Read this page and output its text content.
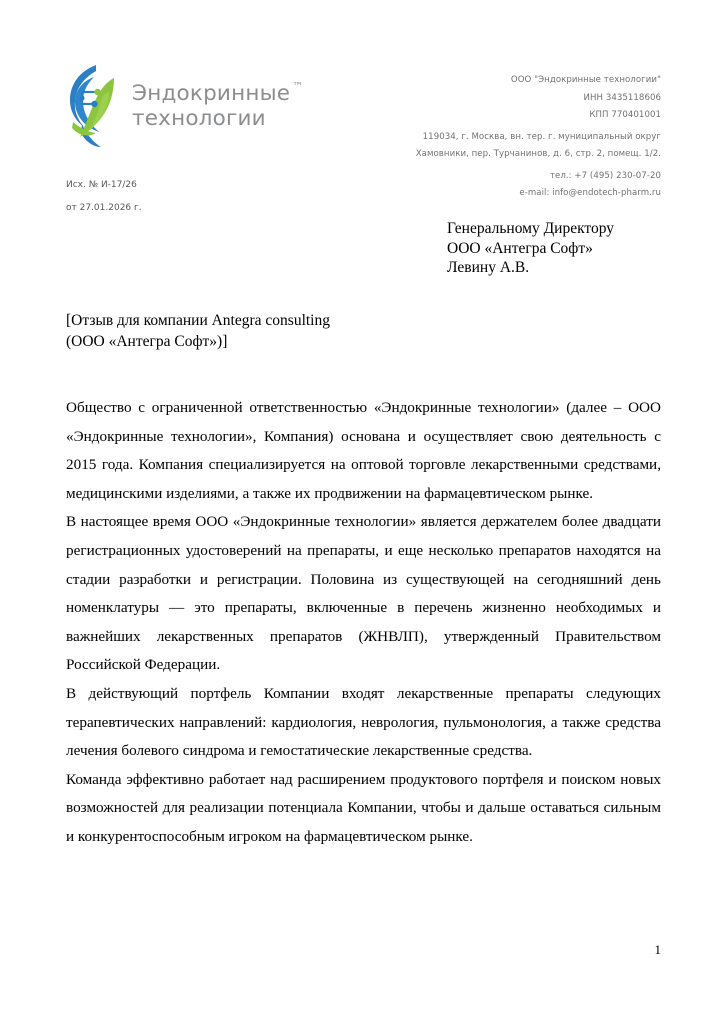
Эндокринные
технологии
™	ООО "Эндокринные технологии"
ИНН 3435118606
КПП 770401001
119034, г. Москва, вн. тер. г. муниципальный округ
Хамовники, пер. Турчанинов, д. 6, стр. 2, помещ. 1/2.
тел.: +7 (495) 230-07-20
e-mail: info@endotech-pharm.ru
Исх. № И-17/26
от 27.01.2026 г.
Генеральному Директору
ООО «Антегра Софт»
Левину А.В.
[Отзыв для компании Antegra consulting
(ООО «Антегра Софт»)]

Общество с ограниченной ответственностью «Эндокринные технологии» (далее – ООО «Эндокринные технологии», Компания) основана и осуществляет свою деятельность с 2015 года. Компания специализируется на оптовой торговле лекарственными средствами, медицинскими изделиями, а также их продвижении на фармацевтическом рынке.

В настоящее время ООО «Эндокринные технологии» является держателем более двадцати регистрационных удостоверений на препараты, и еще несколько препаратов находятся на стадии разработки и регистрации. Половина из существующей на сегодняшний день номенклатуры — это препараты, включенные в перечень жизненно необходимых и важнейших лекарственных препаратов (ЖНВЛП), утвержденный Правительством Российской Федерации.

В действующий портфель Компании входят лекарственные препараты следующих терапевтических направлений: кардиология, неврология, пульмонология, а также средства лечения болевого синдрома и гемостатические лекарственные средства.

Команда эффективно работает над расширением продуктового портфеля и поиском новых возможностей для реализации потенциала Компании, чтобы и дальше оставаться сильным и конкурентоспособным игроком на фармацевтическом рынке.

1
